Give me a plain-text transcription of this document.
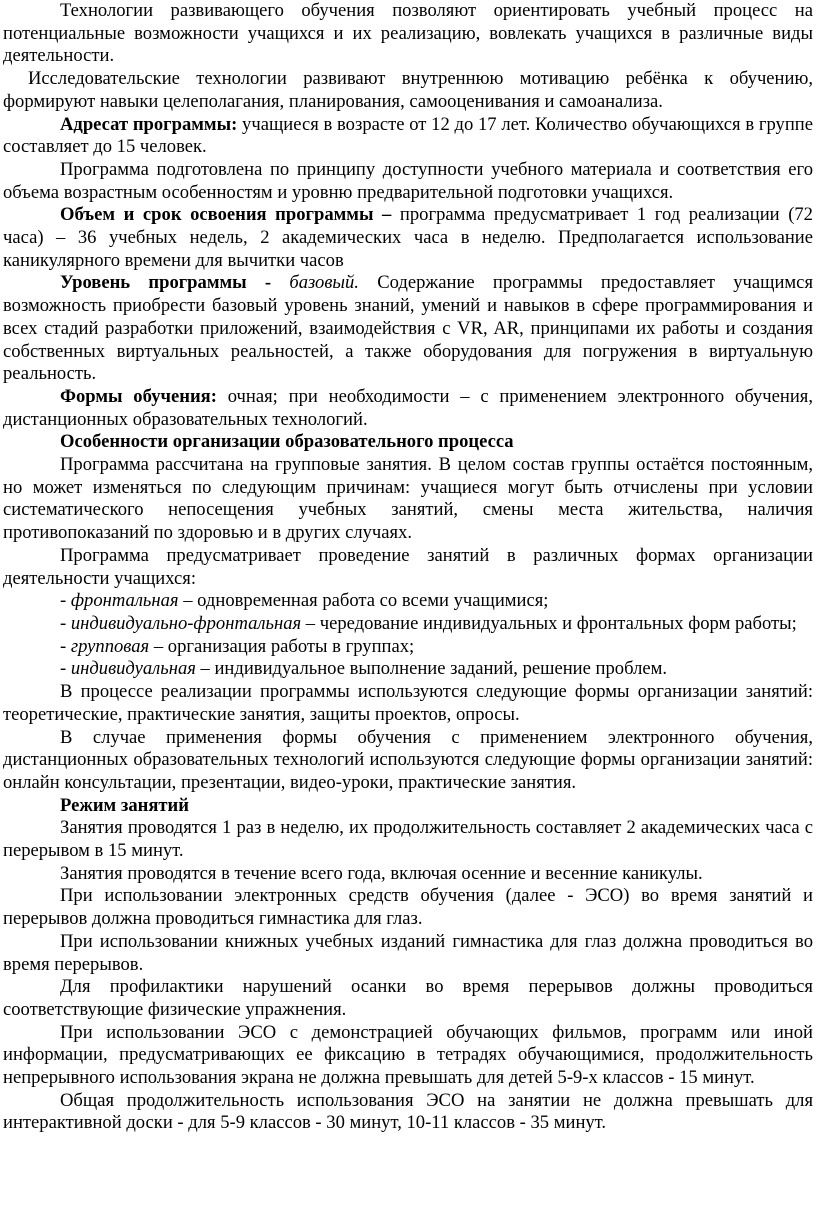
Технологии развивающего обучения позволяют ориентировать учебный процесс на потенциальные возможности учащихся и их реализацию, вовлекать учащихся в различные виды деятельности.

Исследовательские технологии развивают внутреннюю мотивацию ребёнка к обучению, формируют навыки целеполагания, планирования, самооценивания и самоанализа.

Адресат программы: учащиеся в возрасте от 12 до 17 лет. Количество обучающихся в группе составляет до 15 человек.

Программа подготовлена по принципу доступности учебного материала и соответствия его объема возрастным особенностям и уровню предварительной подготовки учащихся.

Объем и срок освоения программы – программа предусматривает 1 год реализации (72 часа) – 36 учебных недель, 2 академических часа в неделю. Предполагается использование каникулярного времени для вычитки часов

Уровень программы - базовый. Содержание программы предоставляет учащимся возможность приобрести базовый уровень знаний, умений и навыков в сфере программирования и всех стадий разработки приложений, взаимодействия с VR, AR, принципами их работы и создания собственных виртуальных реальностей, а также оборудования для погружения в виртуальную реальность.

Формы обучения: очная; при необходимости – с применением электронного обучения, дистанционных образовательных технологий.

Особенности организации образовательного процесса

Программа рассчитана на групповые занятия. В целом состав группы остаётся постоянным, но может изменяться по следующим причинам: учащиеся могут быть отчислены при условии систематического непосещения учебных занятий, смены места жительства, наличия противопоказаний по здоровью и в других случаях.

Программа предусматривает проведение занятий в различных формах организации деятельности учащихся:

- фронтальная – одновременная работа со всеми учащимися;

- индивидуально-фронтальная – чередование индивидуальных и фронтальных форм работы;

- групповая – организация работы в группах;

- индивидуальная – индивидуальное выполнение заданий, решение проблем.

В процессе реализации программы используются следующие формы организации занятий: теоретические, практические занятия, защиты проектов, опросы.

В случае применения формы обучения с применением электронного обучения, дистанционных образовательных технологий используются следующие формы организации занятий: онлайн консультации, презентации, видео-уроки, практические занятия.

Режим занятий

Занятия проводятся 1 раз в неделю, их продолжительность составляет 2 академических часа с перерывом в 15 минут.

Занятия проводятся в течение всего года, включая осенние и весенние каникулы.

При использовании электронных средств обучения (далее - ЭСО) во время занятий и перерывов должна проводиться гимнастика для глаз.

При использовании книжных учебных изданий гимнастика для глаз должна проводиться во время перерывов.

Для профилактики нарушений осанки во время перерывов должны проводиться соответствующие физические упражнения.

При использовании ЭСО с демонстрацией обучающих фильмов, программ или иной информации, предусматривающих ее фиксацию в тетрадях обучающимися, продолжительность непрерывного использования экрана не должна превышать для детей 5-9-х классов - 15 минут.

Общая продолжительность использования ЭСО на занятии не должна превышать для интерактивной доски - для 5-9 классов - 30 минут, 10-11 классов - 35 минут.
